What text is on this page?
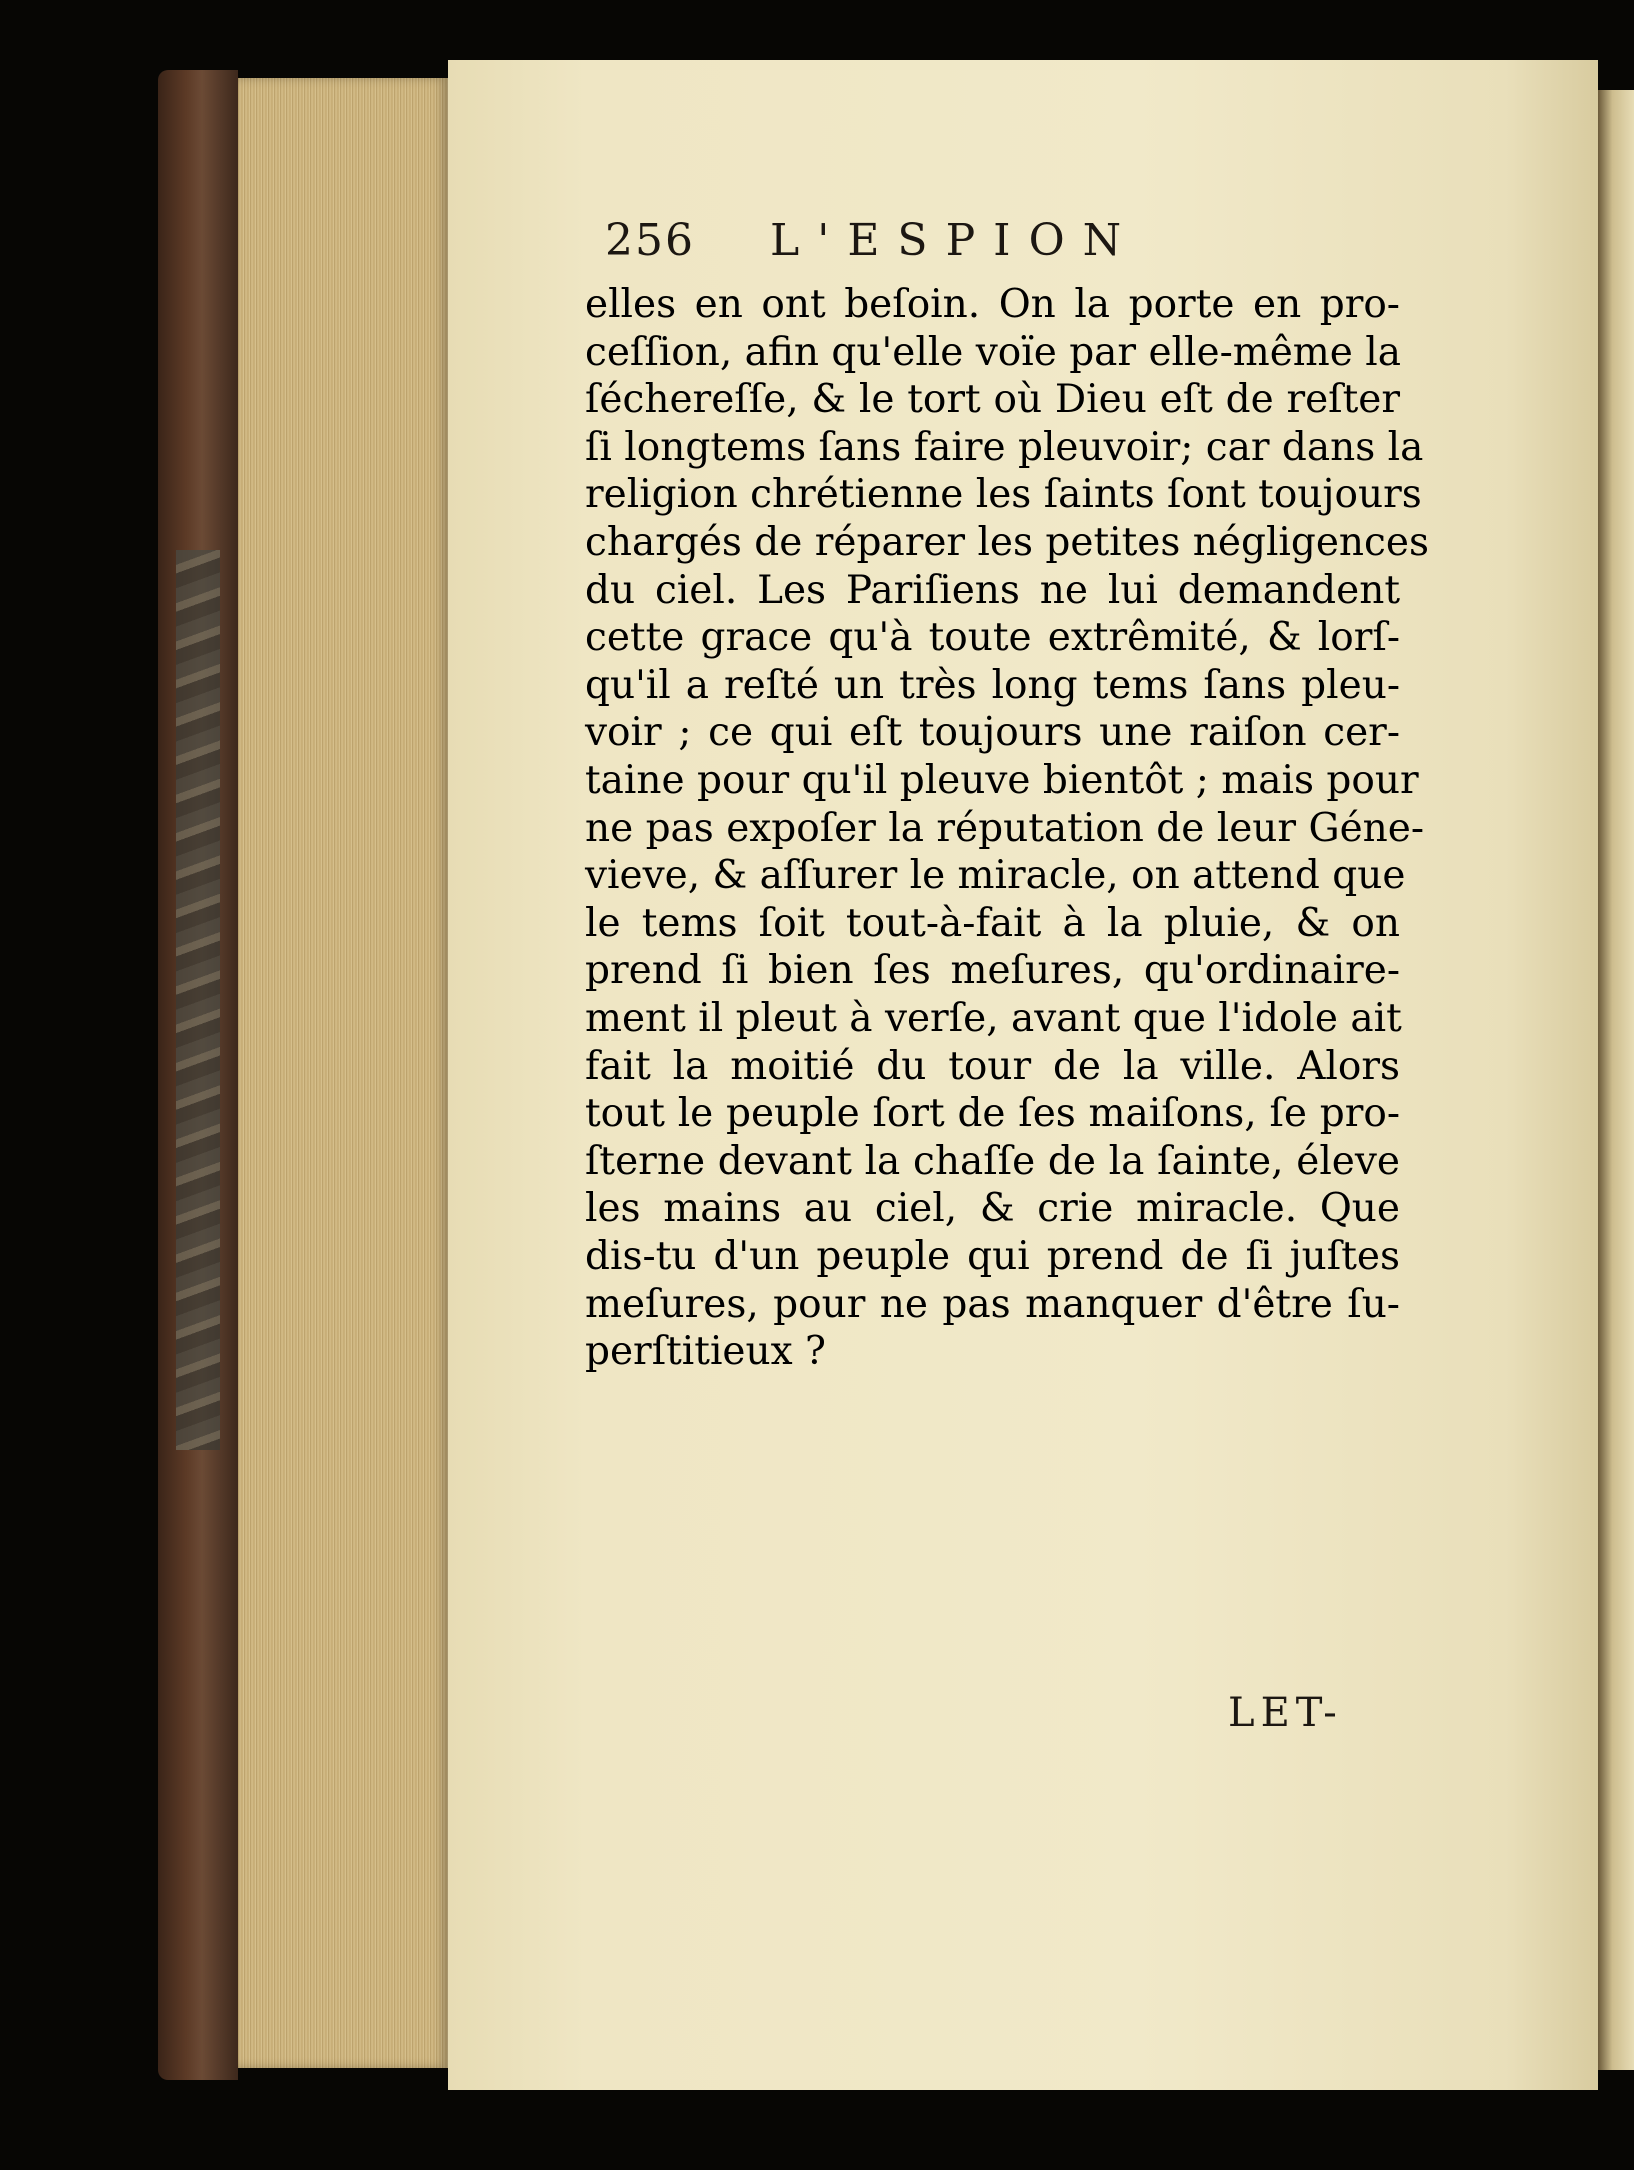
256 L'ESPION
elles en ont beſoin. On la porte en pro-
ceſſion, afin qu'elle voïe par elle-même la
ſéchereſſe, & le tort où Dieu eſt de reſter
ſi longtems ſans faire pleuvoir; car dans la
religion chrétienne les ſaints ſont toujours
chargés de réparer les petites négligences
du ciel. Les Pariſiens ne lui demandent
cette grace qu'à toute extrêmité, & lorſ-
qu'il a reſté un très long tems ſans pleu-
voir ; ce qui eſt toujours une raiſon cer-
taine pour qu'il pleuve bientôt ; mais pour
ne pas expoſer la réputation de leur Géne-
vieve, & aſſurer le miracle, on attend que
le tems ſoit tout-à-fait à la pluie, & on
prend ſi bien ſes meſures, qu'ordinaire-
ment il pleut à verſe, avant que l'idole ait
fait la moitié du tour de la ville. Alors
tout le peuple ſort de ſes maiſons, ſe pro-
ſterne devant la chaſſe de la ſainte, éleve
les mains au ciel, & crie miracle. Que
dis-tu d'un peuple qui prend de ſi juſtes
meſures, pour ne pas manquer d'être ſu-
perſtitieux ?
LET-
